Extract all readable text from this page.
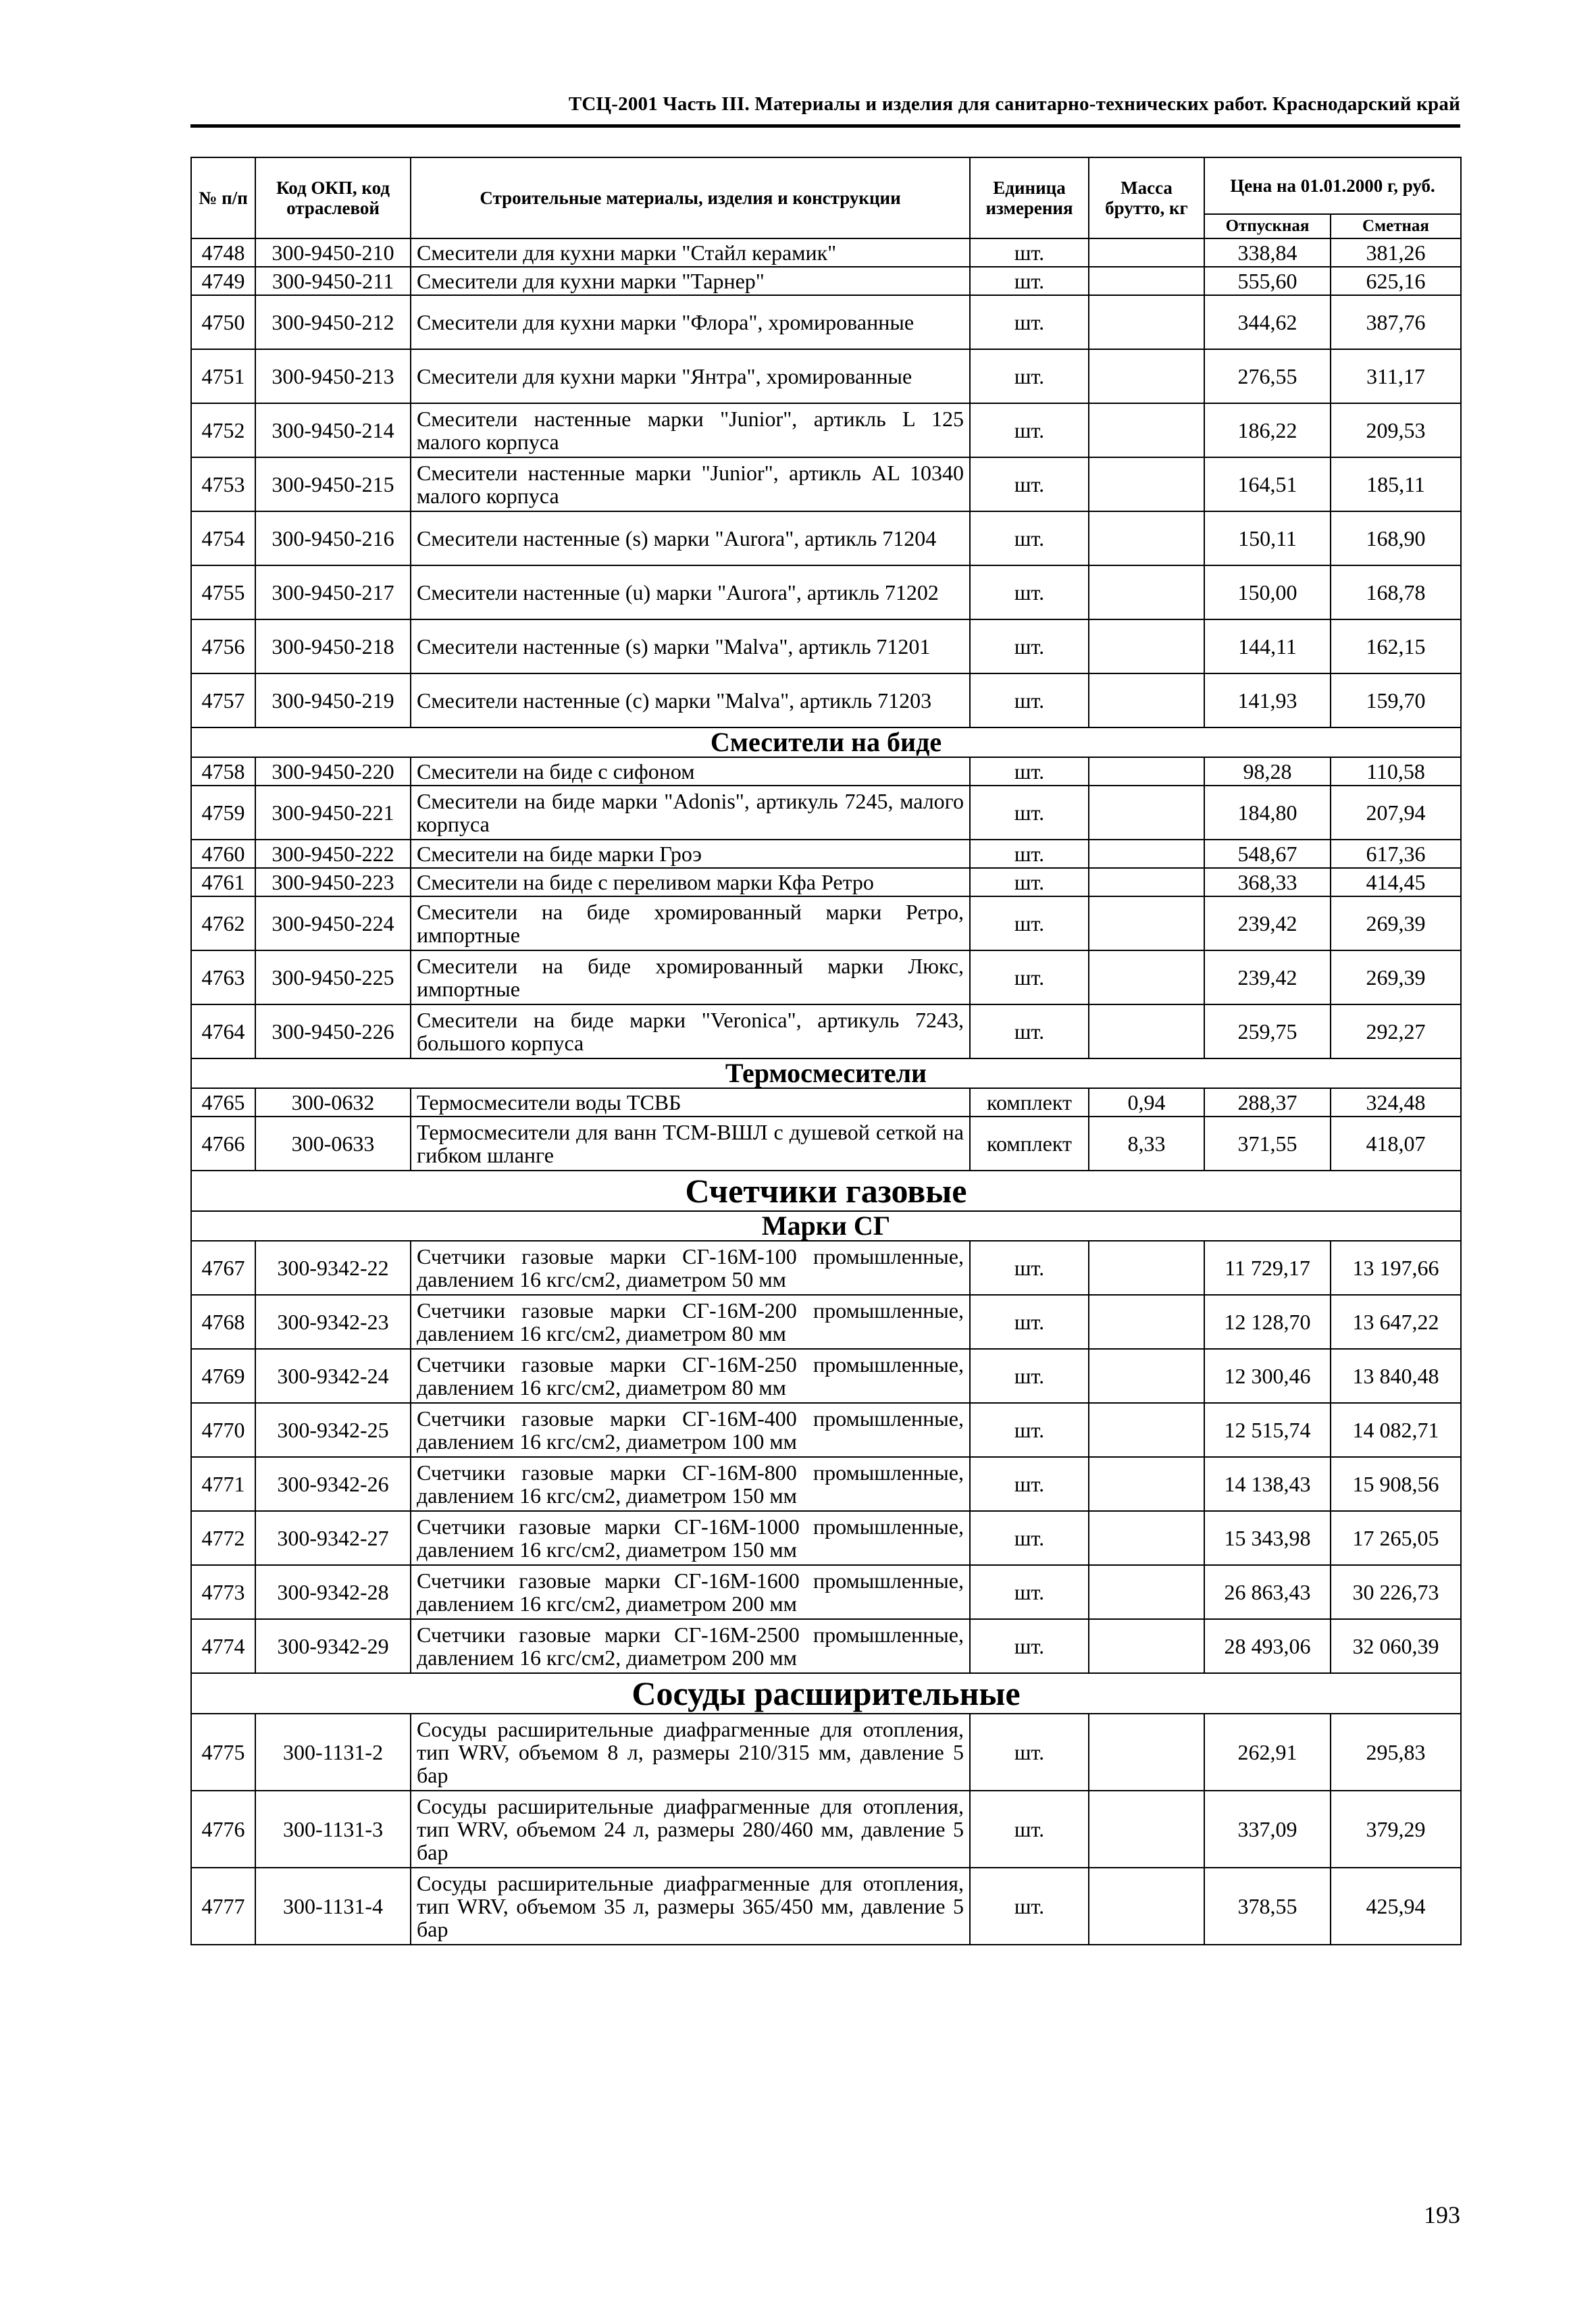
ТСЦ-2001 Часть III. Материалы и изделия для санитарно-технических работ. Краснодарский край
№ п/п	Код ОКП, код отраслевой	Строительные материалы, изделия и конструкции	Единица измерения	Масса брутто, кг	Цена на 01.01.2000 г, руб.	
					Отпускная	Сметная
4748	300-9450-210	Смесители для кухни марки "Стайл керамик"	шт.		338,84	381,26
4749	300-9450-211	Смесители для кухни марки "Тарнер"	шт.		555,60	625,16
4750	300-9450-212	Смесители для кухни марки "Флора", хромированные	шт.		344,62	387,76
4751	300-9450-213	Смесители для кухни марки "Янтра", хромированные	шт.		276,55	311,17
4752	300-9450-214	Смесители настенные марки "Junior", артикль L 125 малого корпуса	шт.		186,22	209,53
4753	300-9450-215	Смесители настенные марки "Junior", артикль AL 10340 малого корпуса	шт.		164,51	185,11
4754	300-9450-216	Смесители настенные (s) марки "Aurora", артикль 71204	шт.		150,11	168,90
4755	300-9450-217	Смесители настенные (u) марки "Aurora", артикль 71202	шт.		150,00	168,78
4756	300-9450-218	Смесители настенные (s) марки "Malva", артикль 71201	шт.		144,11	162,15
4757	300-9450-219	Смесители настенные (c) марки "Malva", артикль 71203	шт.		141,93	159,70
Смесители на биде						
4758	300-9450-220	Смесители на биде с сифоном	шт.		98,28	110,58
4759	300-9450-221	Смесители на биде марки "Adonis", артикуль 7245, малого корпуса	шт.		184,80	207,94
4760	300-9450-222	Смесители на биде марки Гроэ	шт.		548,67	617,36
4761	300-9450-223	Смесители на биде с переливом марки Кфа Ретро	шт.		368,33	414,45
4762	300-9450-224	Смесители на биде хромированный марки Ретро, импортные	шт.		239,42	269,39
4763	300-9450-225	Смесители на биде хромированный марки Люкс, импортные	шт.		239,42	269,39
4764	300-9450-226	Смесители на биде марки "Veronica", артикуль 7243, большого корпуса	шт.		259,75	292,27
Термосмесители						
4765	300-0632	Термосмесители воды ТСВБ	комплект	0,94	288,37	324,48
4766	300-0633	Термосмесители для ванн ТСМ-ВШЛ с душевой сеткой на гибком шланге	комплект	8,33	371,55	418,07
Счетчики газовые						
Марки СГ						
4767	300-9342-22	Счетчики газовые марки СГ-16М-100 промышленные, давлением 16 кгс/см2, диаметром 50 мм	шт.		11 729,17	13 197,66
4768	300-9342-23	Счетчики газовые марки СГ-16М-200 промышленные, давлением 16 кгс/см2, диаметром 80 мм	шт.		12 128,70	13 647,22
4769	300-9342-24	Счетчики газовые марки СГ-16М-250 промышленные, давлением 16 кгс/см2, диаметром 80 мм	шт.		12 300,46	13 840,48
4770	300-9342-25	Счетчики газовые марки СГ-16М-400 промышленные, давлением 16 кгс/см2, диаметром 100 мм	шт.		12 515,74	14 082,71
4771	300-9342-26	Счетчики газовые марки СГ-16М-800 промышленные, давлением 16 кгс/см2, диаметром 150 мм	шт.		14 138,43	15 908,56
4772	300-9342-27	Счетчики газовые марки СГ-16М-1000 промышленные, давлением 16 кгс/см2, диаметром 150 мм	шт.		15 343,98	17 265,05
4773	300-9342-28	Счетчики газовые марки СГ-16М-1600 промышленные, давлением 16 кгс/см2, диаметром 200 мм	шт.		26 863,43	30 226,73
4774	300-9342-29	Счетчики газовые марки СГ-16М-2500 промышленные, давлением 16 кгс/см2, диаметром 200 мм	шт.		28 493,06	32 060,39
Сосуды расширительные						
4775	300-1131-2	Сосуды расширительные диафрагменные для отопления, тип WRV, объемом 8 л, размеры 210/315 мм, давление 5 бар	шт.		262,91	295,83
4776	300-1131-3	Сосуды расширительные диафрагменные для отопления, тип WRV, объемом 24 л, размеры 280/460 мм, давление 5 бар	шт.		337,09	379,29
4777	300-1131-4	Сосуды расширительные диафрагменные для отопления, тип WRV, объемом 35 л, размеры 365/450 мм, давление 5 бар	шт.		378,55	425,94
193
